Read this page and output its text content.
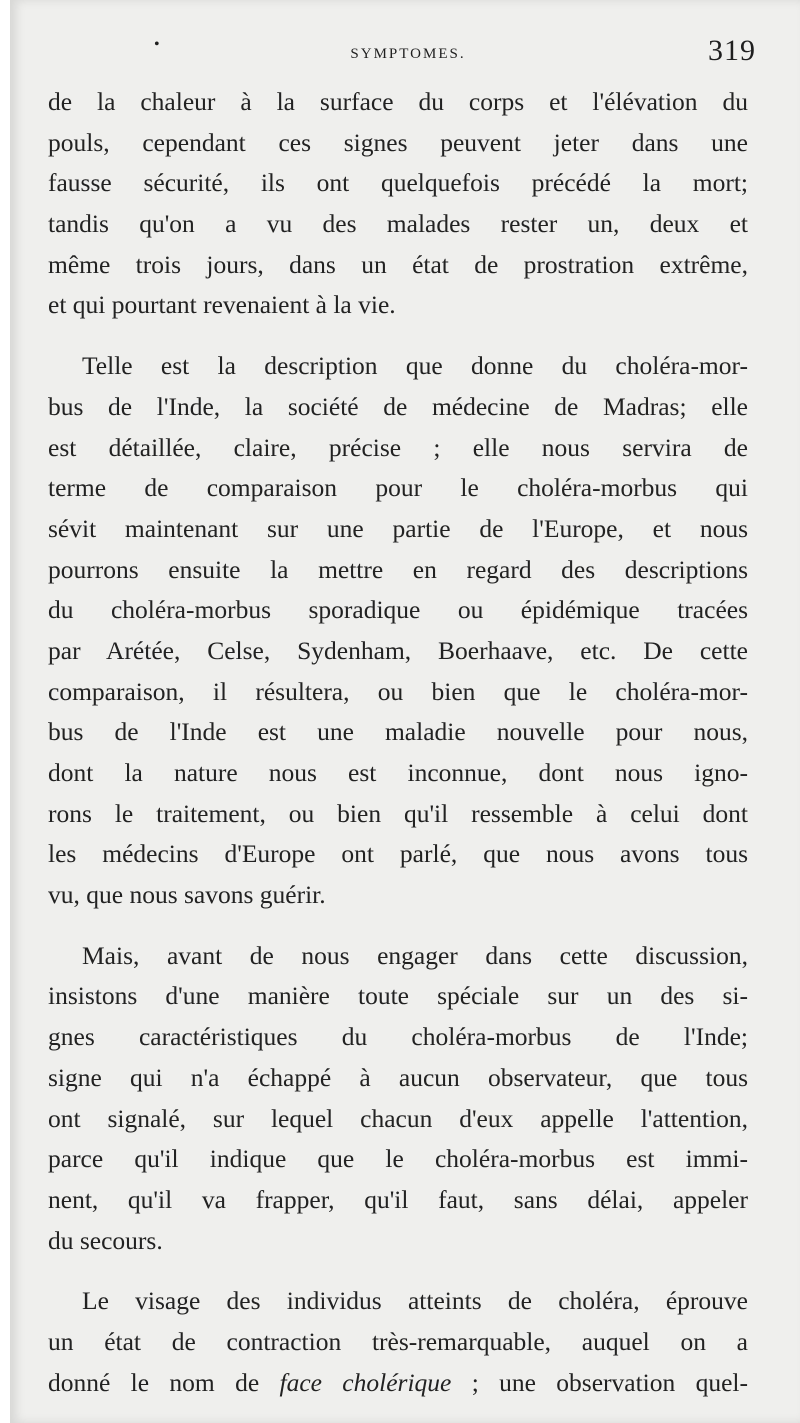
•
SYMPTOMES.	319
de la chaleur à la surface du corps et l'élévation du
pouls, cependant ces signes peuvent jeter dans une
fausse sécurité, ils ont quelquefois précédé la mort;
tandis qu'on a vu des malades rester un, deux et
même trois jours, dans un état de prostration extrême,
et qui pourtant revenaient à la vie.
Telle est la description que donne du choléra-mor-
bus de l'Inde, la société de médecine de Madras; elle
est détaillée, claire, précise ; elle nous servira de
terme de comparaison pour le choléra-morbus qui
sévit maintenant sur une partie de l'Europe, et nous
pourrons ensuite la mettre en regard des descriptions
du choléra-morbus sporadique ou épidémique tracées
par Arétée, Celse, Sydenham, Boerhaave, etc. De cette
comparaison, il résultera, ou bien que le choléra-mor-
bus de l'Inde est une maladie nouvelle pour nous,
dont la nature nous est inconnue, dont nous igno-
rons le traitement, ou bien qu'il ressemble à celui dont
les médecins d'Europe ont parlé, que nous avons tous
vu, que nous savons guérir.
Mais, avant de nous engager dans cette discussion,
insistons d'une manière toute spéciale sur un des si-
gnes caractéristiques du choléra-morbus de l'Inde;
signe qui n'a échappé à aucun observateur, que tous
ont signalé, sur lequel chacun d'eux appelle l'attention,
parce qu'il indique que le choléra-morbus est immi-
nent, qu'il va frapper, qu'il faut, sans délai, appeler
du secours.
Le visage des individus atteints de choléra, éprouve
un état de contraction très-remarquable, auquel on a
donné le nom de face cholérique ; une observation quel-
